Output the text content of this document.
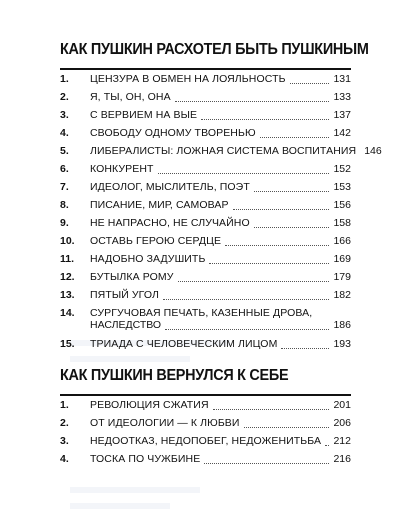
КАК ПУШКИН РАСХОТЕЛ БЫТЬ ПУШКИНЫМ
1.	ЦЕНЗУРА В ОБМЕН НА ЛОЯЛЬНОСТЬ	131
2.	Я, ТЫ, ОН, ОНА	133
3.	С ВЕРВИЕМ НА ВЫЕ	137
4.	СВОБОДУ ОДНОМУ ТВОРЕНЬЮ	142
5.	ЛИБЕРАЛИСТЫ: ЛОЖНАЯ СИСТЕМА ВОСПИТАНИЯ 146
6.	КОНКУРЕНТ	152
7.	ИДЕОЛОГ, МЫСЛИТЕЛЬ, ПОЭТ	153
8.	ПИСАНИЕ, МИР, САМОВАР	156
9.	НЕ НАПРАСНО, НЕ СЛУЧАЙНО	158
10.	ОСТАВЬ ГЕРОЮ СЕРДЦЕ	166
11.	НАДОБНО ЗАДУШИТЬ	169
12.	БУТЫЛКА РОМУ	179
13.	ПЯТЫЙ УГОЛ	182
14.	СУРГУЧОВАЯ ПЕЧАТЬ, КАЗЕННЫЕ ДРОВА,
НАСЛЕДСТВО	186
15.	ТРИАДА С ЧЕЛОВЕЧЕСКИМ ЛИЦОМ	193
КАК ПУШКИН ВЕРНУЛСЯ К СЕБЕ
1.	РЕВОЛЮЦИЯ СЖАТИЯ	201
2.	ОТ ИДЕОЛОГИИ — К ЛЮБВИ	206
3.	НЕДООТКАЗ, НЕДОПОБЕГ, НЕДОЖЕНИТЬБА 212
4.	ТОСКА ПО ЧУЖБИНЕ	216
